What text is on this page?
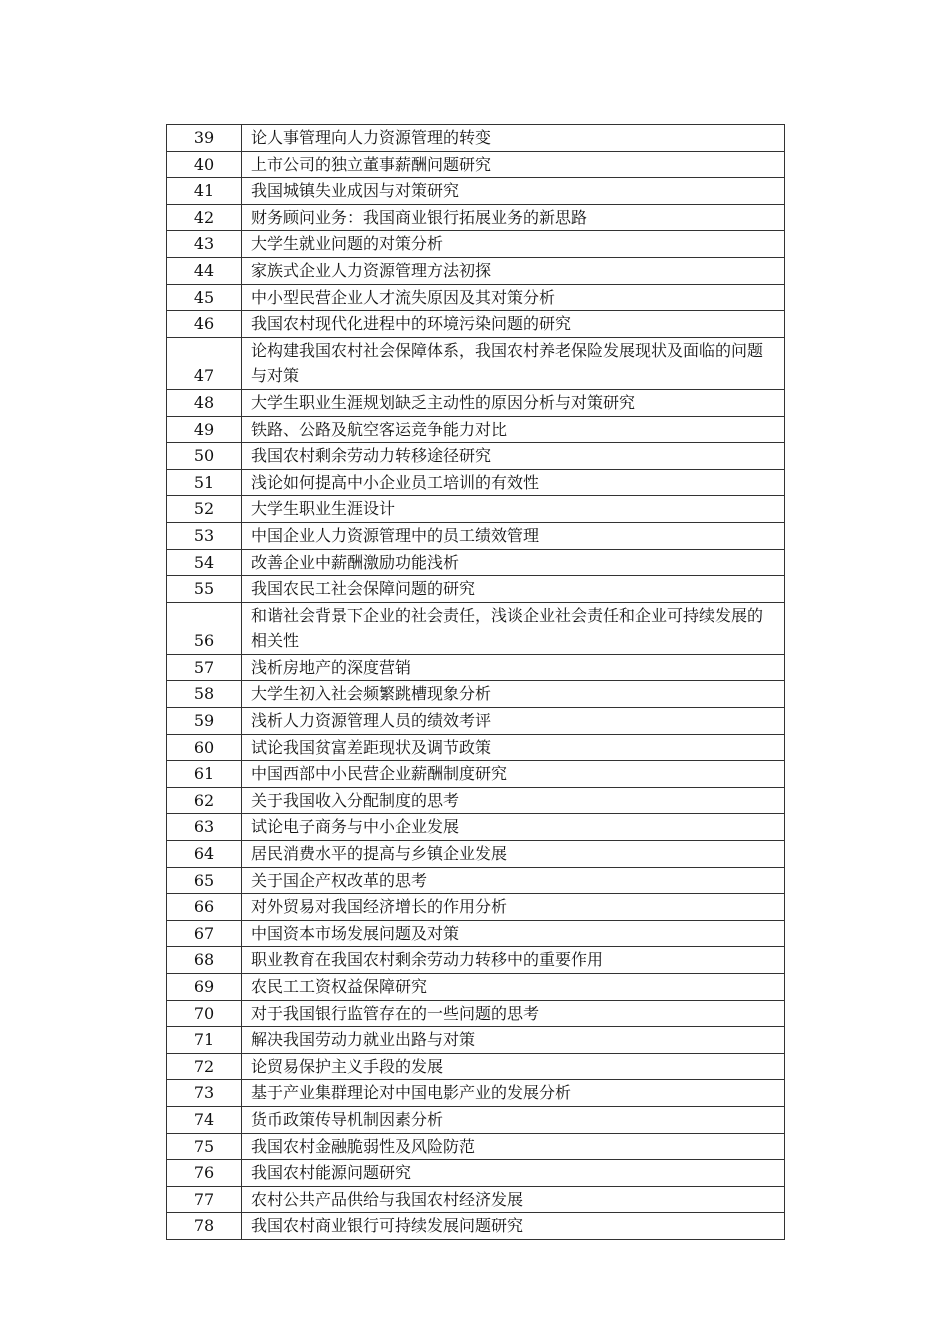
39	论人事管理向人力资源管理的转变
40	上市公司的独立董事薪酬问题研究
41	我国城镇失业成因与对策研究
42	财务顾问业务：我国商业银行拓展业务的新思路
43	大学生就业问题的对策分析
44	家族式企业人力资源管理方法初探
45	中小型民营企业人才流失原因及其对策分析
46	我国农村现代化进程中的环境污染问题的研究
47	论构建我国农村社会保障体系，我国农村养老保险发展现状及面临的问题与对策
48	大学生职业生涯规划缺乏主动性的原因分析与对策研究
49	铁路、公路及航空客运竞争能力对比
50	我国农村剩余劳动力转移途径研究
51	浅论如何提高中小企业员工培训的有效性
52	大学生职业生涯设计
53	中国企业人力资源管理中的员工绩效管理
54	改善企业中薪酬激励功能浅析
55	我国农民工社会保障问题的研究
56	和谐社会背景下企业的社会责任，浅谈企业社会责任和企业可持续发展的相关性
57	浅析房地产的深度营销
58	大学生初入社会频繁跳槽现象分析
59	浅析人力资源管理人员的绩效考评
60	试论我国贫富差距现状及调节政策
61	中国西部中小民营企业薪酬制度研究
62	关于我国收入分配制度的思考
63	试论电子商务与中小企业发展
64	居民消费水平的提高与乡镇企业发展
65	关于国企产权改革的思考
66	对外贸易对我国经济增长的作用分析
67	中国资本市场发展问题及对策
68	职业教育在我国农村剩余劳动力转移中的重要作用
69	农民工工资权益保障研究
70	对于我国银行监管存在的一些问题的思考
71	解决我国劳动力就业出路与对策
72	论贸易保护主义手段的发展
73	基于产业集群理论对中国电影产业的发展分析
74	货币政策传导机制因素分析
75	我国农村金融脆弱性及风险防范
76	我国农村能源问题研究
77	农村公共产品供给与我国农村经济发展
78	我国农村商业银行可持续发展问题研究
